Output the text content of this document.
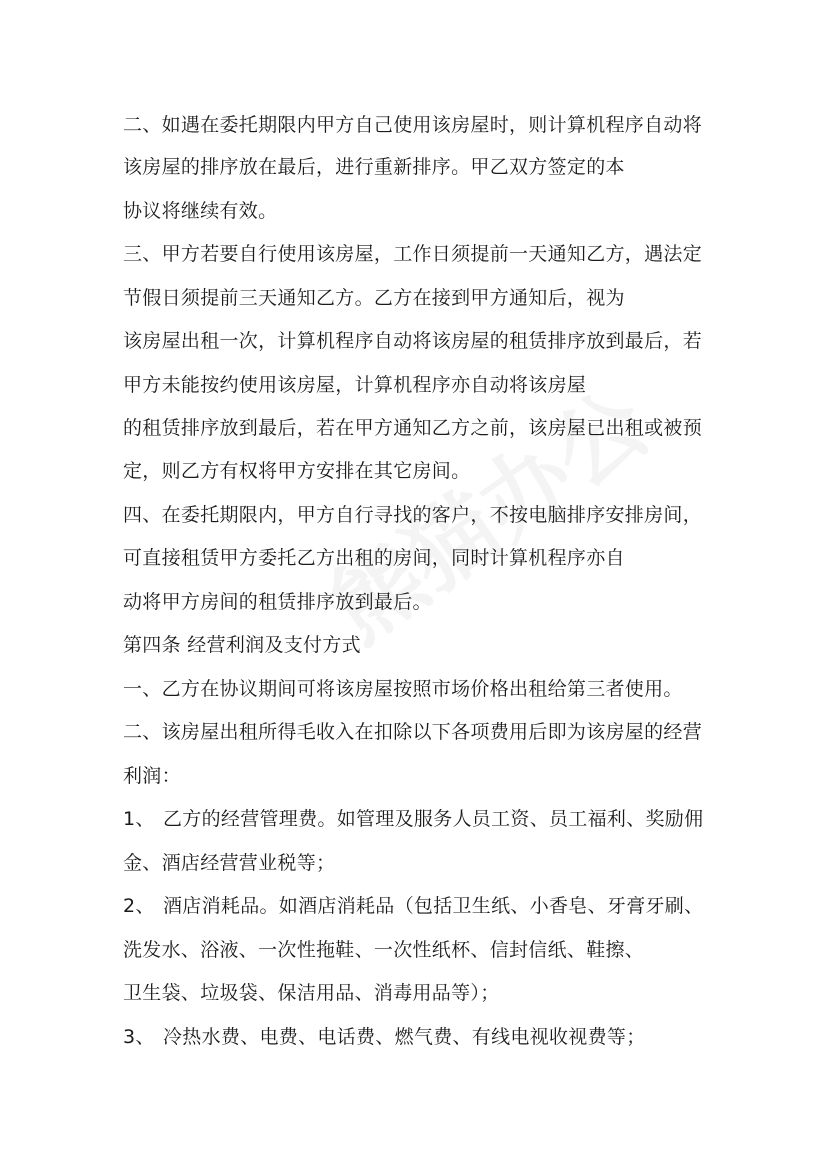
二、如遇在委托期限内甲方自己使用该房屋时，则计算机程序自动将
该房屋的排序放在最后，进行重新排序。甲乙双方签定的本
协议将继续有效。
三、甲方若要自行使用该房屋，工作日须提前一天通知乙方，遇法定
节假日须提前三天通知乙方。乙方在接到甲方通知后，视为
该房屋出租一次，计算机程序自动将该房屋的租赁排序放到最后，若
甲方未能按约使用该房屋，计算机程序亦自动将该房屋
的租赁排序放到最后，若在甲方通知乙方之前，该房屋已出租或被预
定，则乙方有权将甲方安排在其它房间。
四、在委托期限内，甲方自行寻找的客户，不按电脑排序安排房间，
可直接租赁甲方委托乙方出租的房间，同时计算机程序亦自
动将甲方房间的租赁排序放到最后。
第四条 经营利润及支付方式
一、乙方在协议期间可将该房屋按照市场价格出租给第三者使用。
二、该房屋出租所得毛收入在扣除以下各项费用后即为该房屋的经营
利润：
1、 乙方的经营管理费。如管理及服务人员工资、员工福利、奖励佣
金、酒店经营营业税等；
2、 酒店消耗品。如酒店消耗品（包括卫生纸、小香皂、牙膏牙刷、
洗发水、浴液、一次性拖鞋、一次性纸杯、信封信纸、鞋擦、
卫生袋、垃圾袋、保洁用品、消毒用品等）；
3、 冷热水费、电费、电话费、燃气费、有线电视收视费等；
